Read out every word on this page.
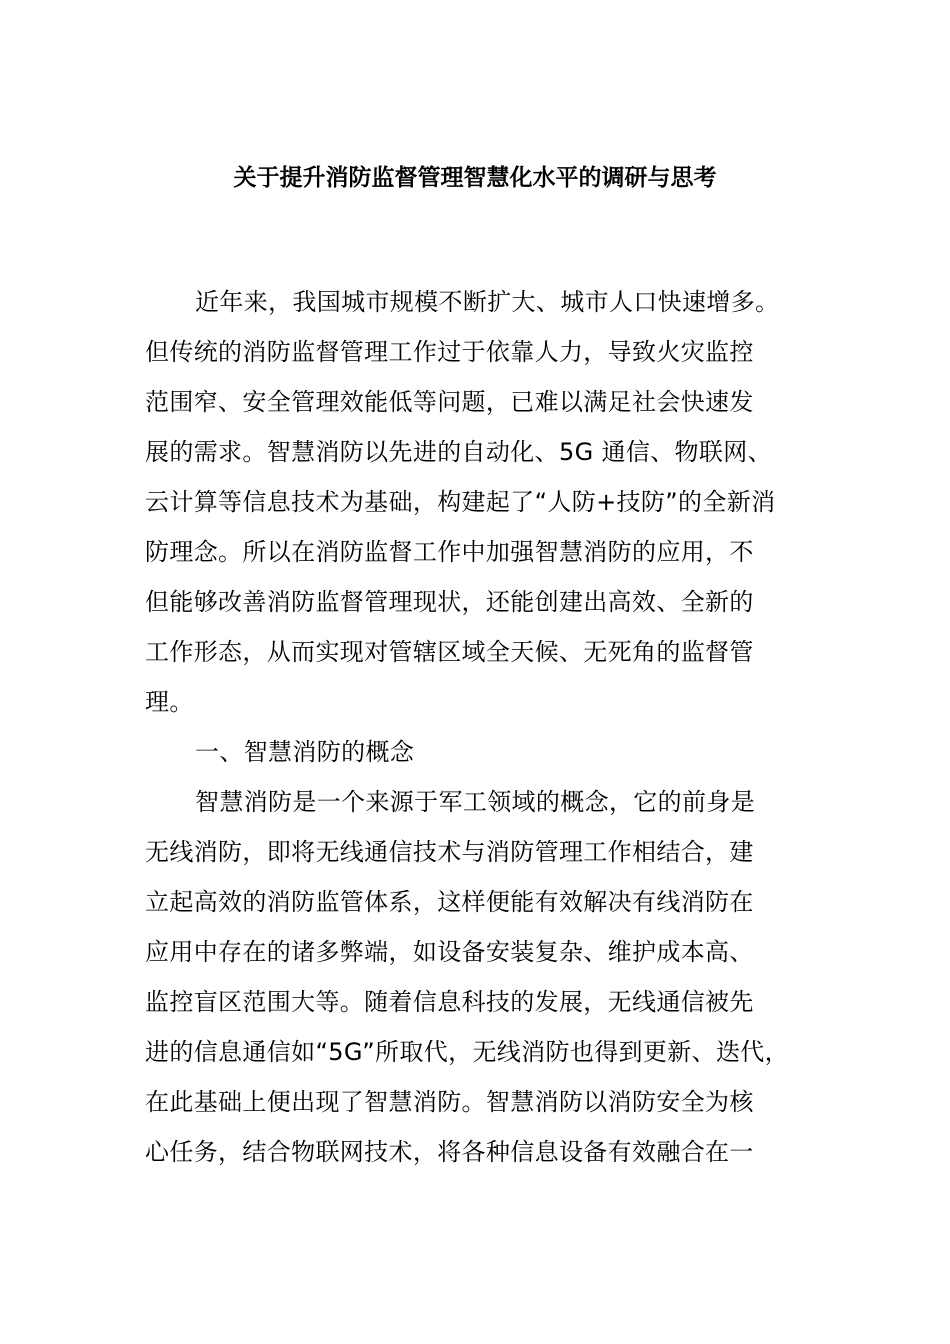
关于提升消防监督管理智慧化水平的调研与思考
近年来，我国城市规模不断扩大、城市人口快速增多。
但传统的消防监督管理工作过于依靠人力，导致火灾监控
范围窄、安全管理效能低等问题，已难以满足社会快速发
展的需求。智慧消防以先进的自动化、5G 通信、物联网、
云计算等信息技术为基础，构建起了“人防+技防”的全新消
防理念。所以在消防监督工作中加强智慧消防的应用，不
但能够改善消防监督管理现状，还能创建出高效、全新的
工作形态，从而实现对管辖区域全天候、无死角的监督管
理。
一、智慧消防的概念
智慧消防是一个来源于军工领域的概念，它的前身是
无线消防，即将无线通信技术与消防管理工作相结合，建
立起高效的消防监管体系，这样便能有效解决有线消防在
应用中存在的诸多弊端，如设备安装复杂、维护成本高、
监控盲区范围大等。随着信息科技的发展，无线通信被先
进的信息通信如“5G”所取代，无线消防也得到更新、迭代，
在此基础上便出现了智慧消防。智慧消防以消防安全为核
心任务，结合物联网技术，将各种信息设备有效融合在一
